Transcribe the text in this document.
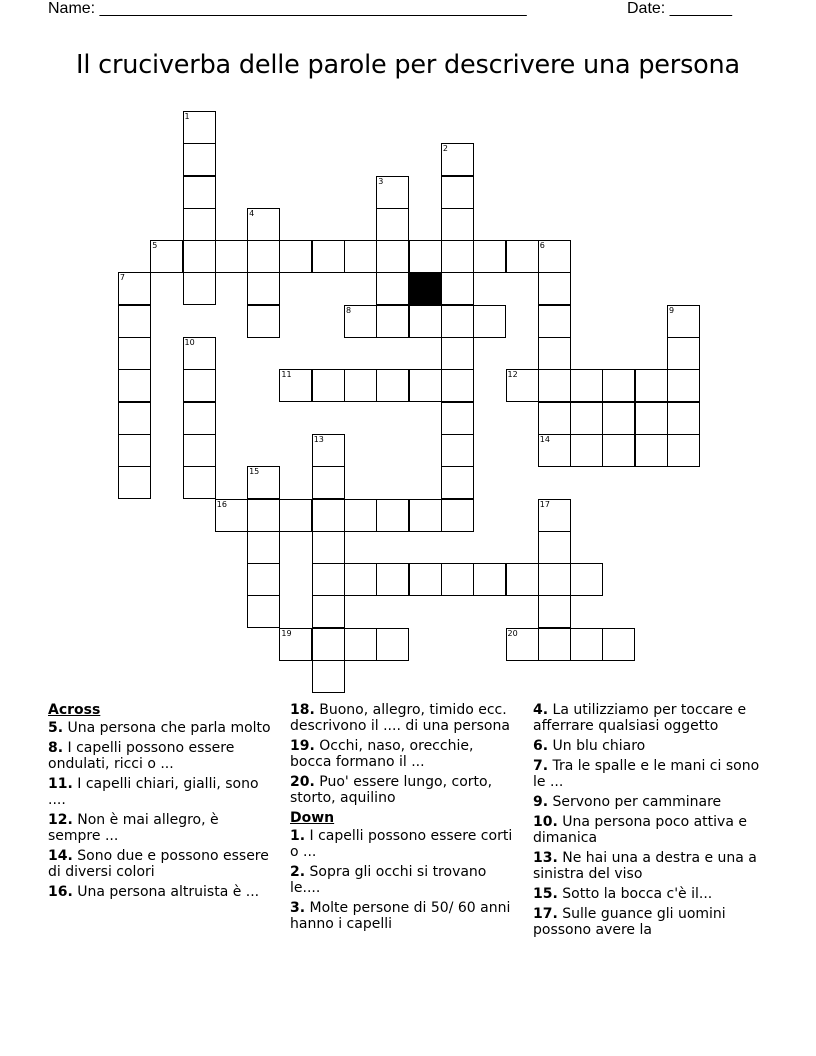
Name: ________________________________________________	Date: _______
Il cruciverba delle parole per descrivere una persona
1
2
3
4
5	6
7
8	9
10
11	12
14
13
15
16	17
19	20
Across
5. Una persona che parla molto
8. I capelli possono essere ondulati, ricci o ...
11. I capelli chiari, gialli, sono ....
12. Non è mai allegro, è sempre ...
14. Sono due e possono essere di diversi colori
16. Una persona altruista è ...
18. Buono, allegro, timido ecc. descrivono il .... di una persona
19. Occhi, naso, orecchie, bocca formano il ...
20. Puo' essere lungo, corto, storto, aquilino
Down
1. I capelli possono essere corti o ...
2. Sopra gli occhi si trovano le....
3. Molte persone di 50/ 60 anni hanno i capelli
4. La utilizziamo per toccare e afferrare qualsiasi oggetto
6. Un blu chiaro
7. Tra le spalle e le mani ci sono le ...
9. Servono per camminare
10. Una persona poco attiva e dimanica
13. Ne hai una a destra e una a sinistra del viso
15. Sotto la bocca c'è il...
17. Sulle guance gli uomini possono avere la
